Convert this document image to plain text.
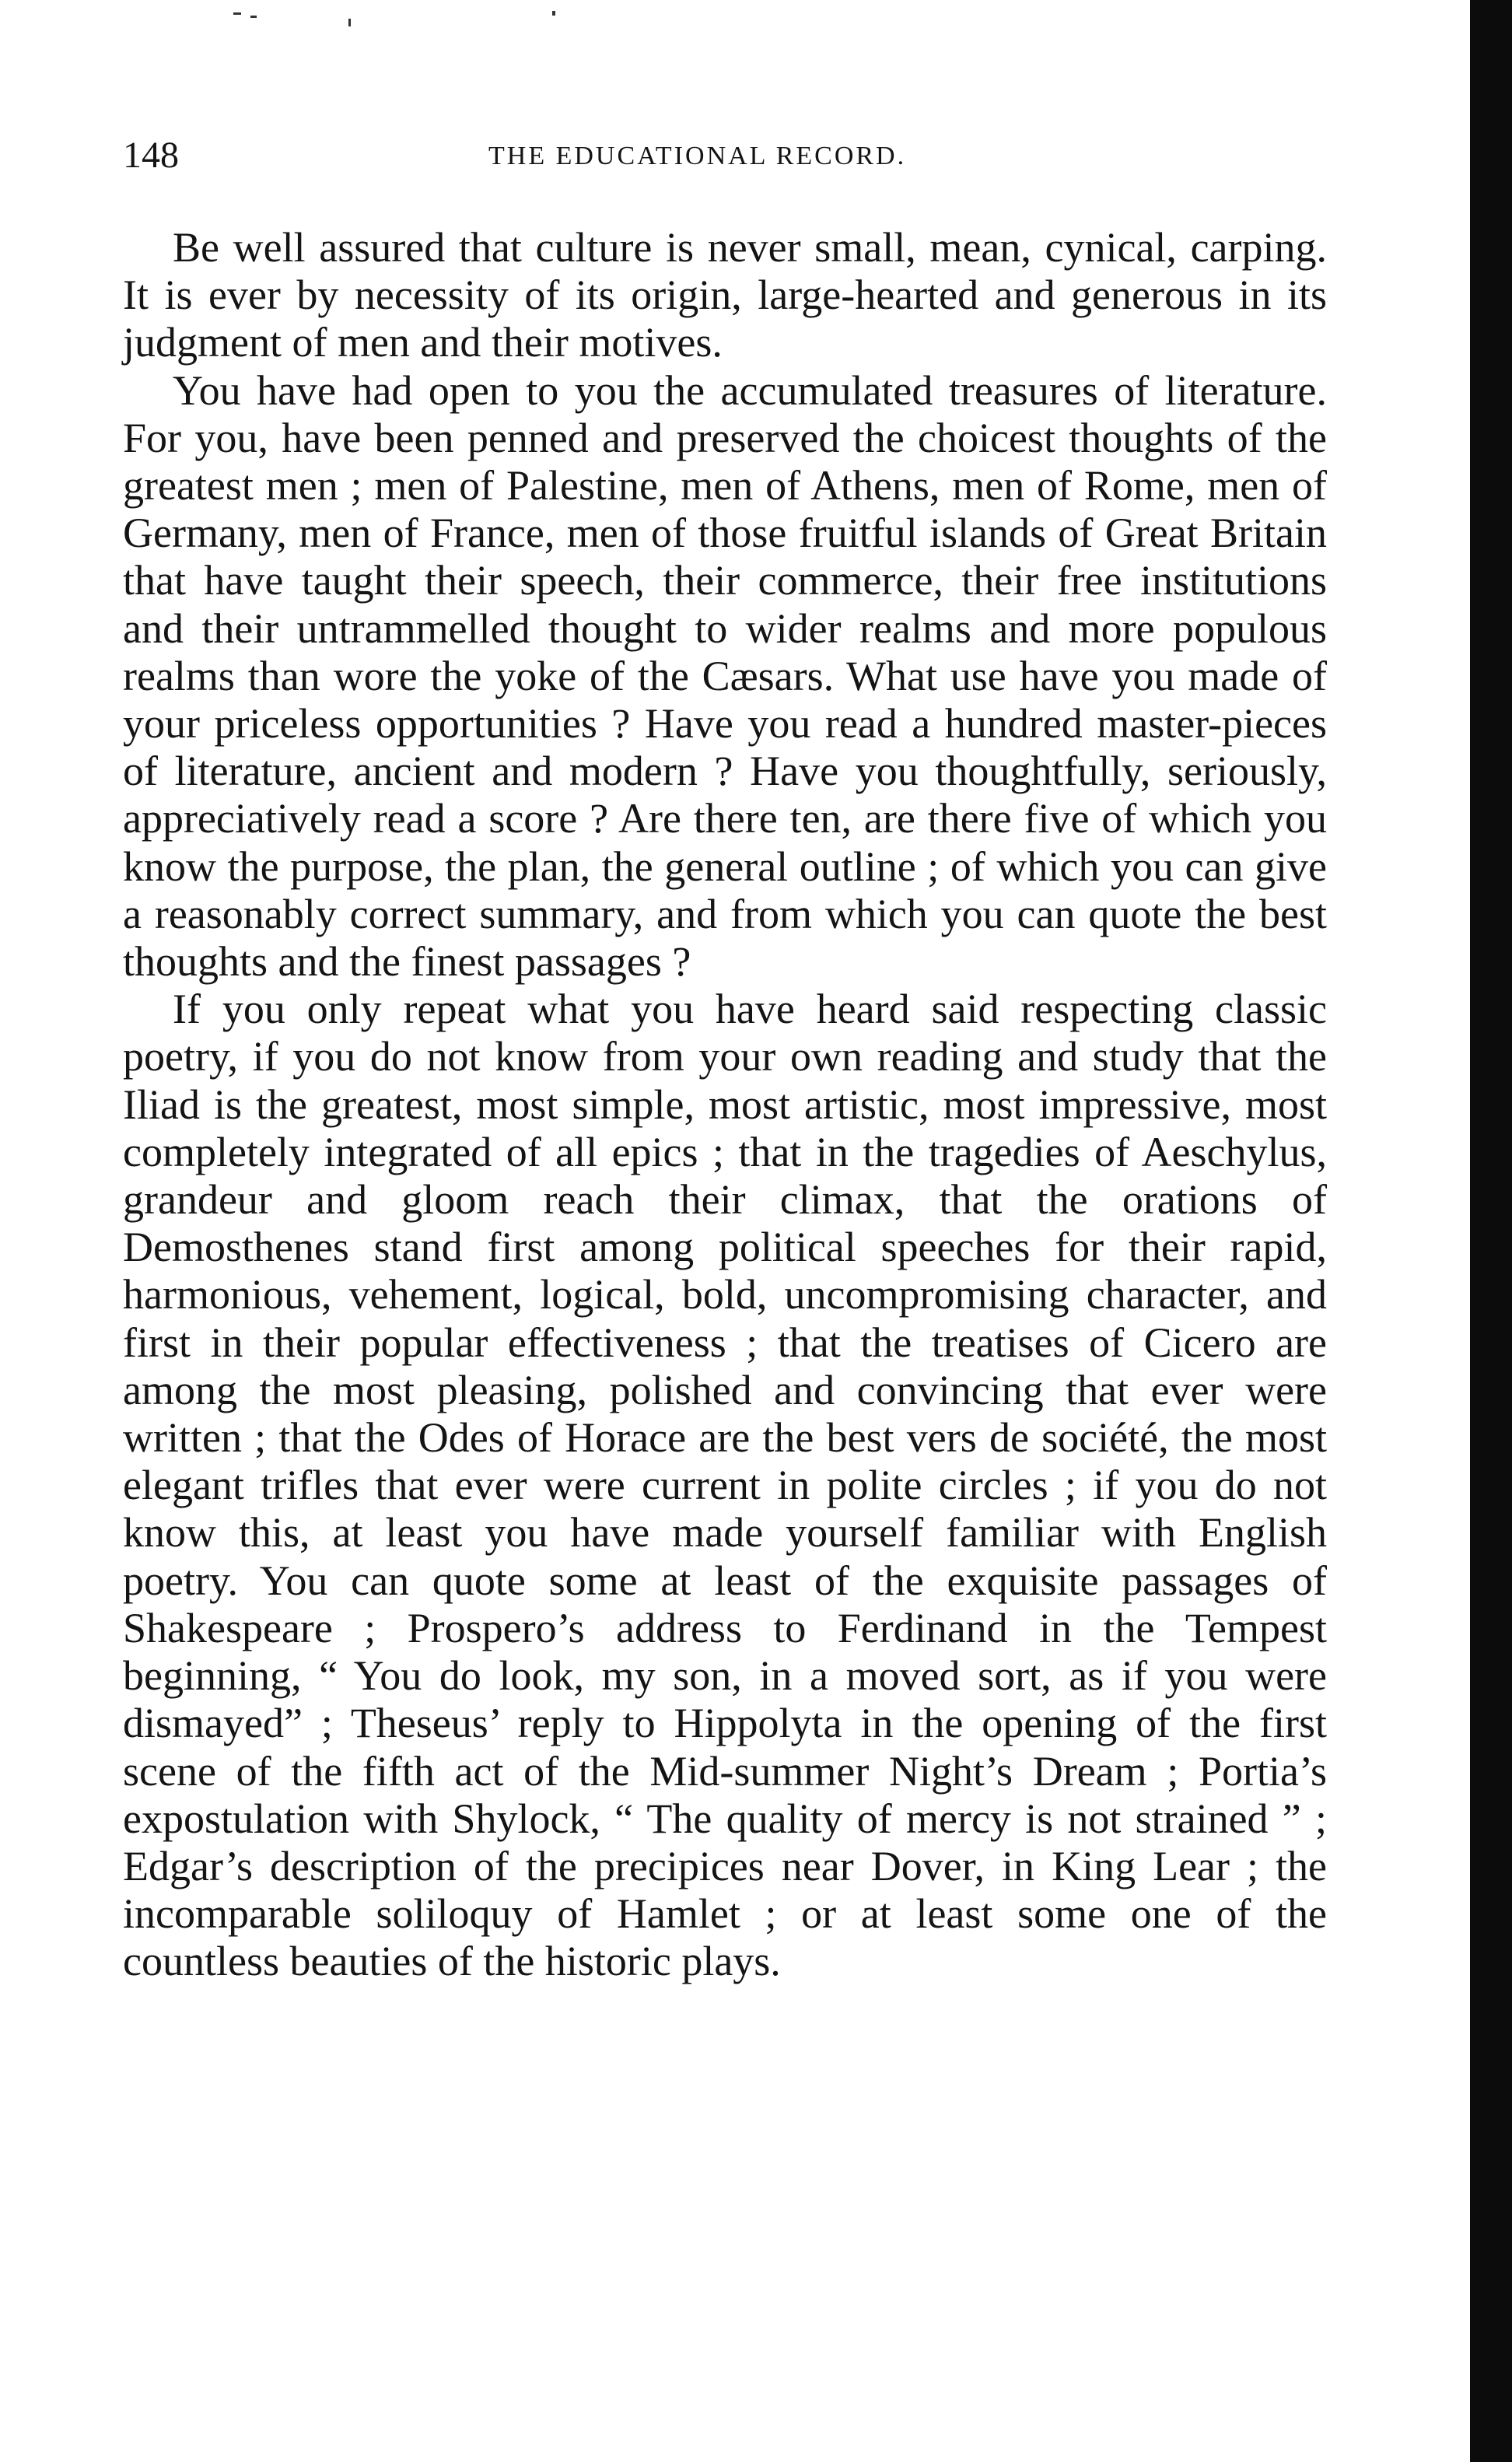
148	THE EDUCATIONAL RECORD.

Be well assured that culture is never small, mean, cynical, carping. It is ever by necessity of its origin, large-hearted and generous in its judgment of men and their motives.

You have had open to you the accumulated treasures of literature. For you, have been penned and preserved the choicest thoughts of the greatest men ; men of Palestine, men of Athens, men of Rome, men of Germany, men of France, men of those fruitful islands of Great Britain that have taught their speech, their commerce, their free institutions and their untrammelled thought to wider realms and more populous realms than wore the yoke of the Cæsars. What use have you made of your priceless opportunities ? Have you read a hundred master-pieces of literature, ancient and modern ? Have you thoughtfully, seriously, appreciatively read a score ? Are there ten, are there five of which you know the purpose, the plan, the general outline ; of which you can give a reasonably correct summary, and from which you can quote the best thoughts and the finest passages ?

If you only repeat what you have heard said respecting classic poetry, if you do not know from your own reading and study that the Iliad is the greatest, most simple, most artistic, most impressive, most completely integrated of all epics ; that in the tragedies of Aeschylus, grandeur and gloom reach their climax, that the orations of Demosthenes stand first among political speeches for their rapid, harmonious, vehement, logical, bold, uncompromising character, and first in their popular effectiveness ; that the treatises of Cicero are among the most pleasing, polished and convincing that ever were written ; that the Odes of Horace are the best vers de société, the most elegant trifles that ever were current in polite circles ; if you do not know this, at least you have made yourself familiar with English poetry. You can quote some at least of the exquisite passages of Shakespeare ; Prospero’s address to Ferdinand in the Tempest beginning, “ You do look, my son, in a moved sort, as if you were dismayed” ; Theseus’ reply to Hippolyta in the opening of the first scene of the fifth act of the Mid-summer Night’s Dream ; Portia’s expostulation with Shylock, “ The quality of mercy is not strained ” ; Edgar’s description of the precipices near Dover, in King Lear ; the incomparable soliloquy of Hamlet ; or at least some one of the countless beauties of the historic plays.
